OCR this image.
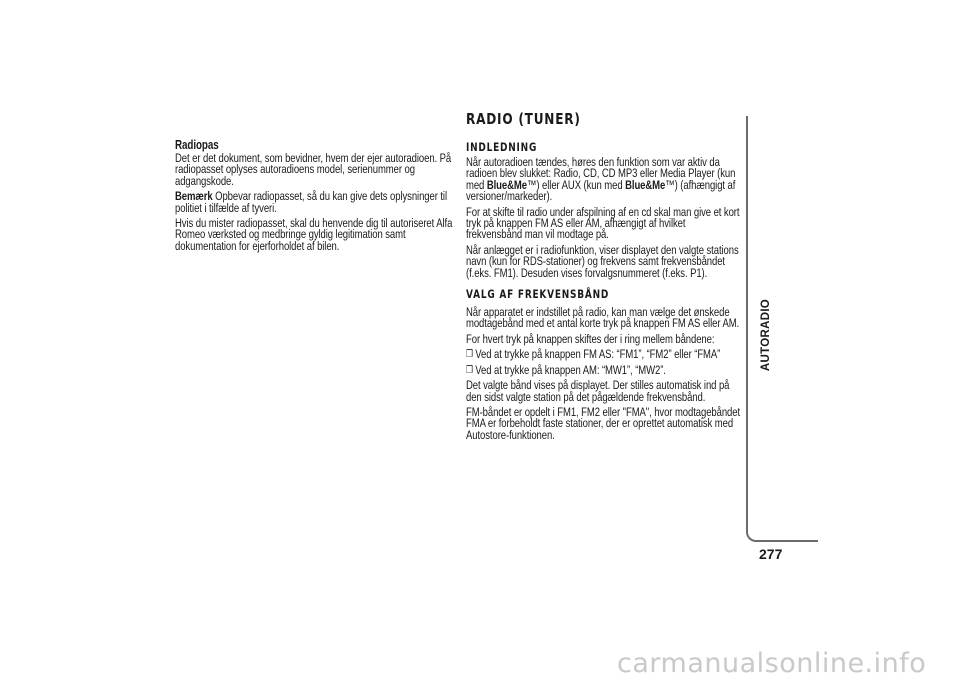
Radiopas

Det er det dokument, som bevidner, hvem der ejer autoradioen. På radiopasset oplyses autoradioens model, serienummer og adgangskode.

Bemærk Opbevar radiopasset, så du kan give dets oplysninger til politiet i tilfælde af tyveri.

Hvis du mister radiopasset, skal du henvende dig til autoriseret Alfa Romeo værksted og medbringe gyldig legitimation samt dokumentation for ejerforholdet af bilen.

RADIO (TUNER)
INDLEDNING

Når autoradioen tændes, høres den funktion som var aktiv da radioen blev slukket: Radio, CD, CD MP3 eller Media Player (kun med Blue&Me™) eller AUX (kun med Blue&Me™) (afhængigt af versioner/markeder).

For at skifte til radio under afspilning af en cd skal man give et kort tryk på knappen FM AS eller AM, afhængigt af hvilket frekvensbånd man vil modtage på.

Når anlægget er i radiofunktion, viser displayet den valgte stations navn (kun for RDS-stationer) og frekvens samt frekvensbåndet (f.eks. FM1). Desuden vises forvalgsnummeret (f.eks. P1).

VALG AF FREKVENSBÅND

Når apparatet er indstillet på radio, kan man vælge det ønskede modtagebånd med et antal korte tryk på knappen FM AS eller AM.

For hvert tryk på knappen skiftes der i ring mellem båndene:

❒ Ved at trykke på knappen FM AS: “FM1”, “FM2” eller “FMA”

❒ Ved at trykke på knappen AM: “MW1”, “MW2”.

Det valgte bånd vises på displayet. Der stilles automatisk ind på den sidst valgte station på det pågældende frekvensbånd.

FM-båndet er opdelt i FM1, FM2 eller "FMA", hvor modtagebåndet FMA er forbeholdt faste stationer, der er oprettet automatisk med Autostore-funktionen.

AUTORADIO
277
carmanualsonline.info
